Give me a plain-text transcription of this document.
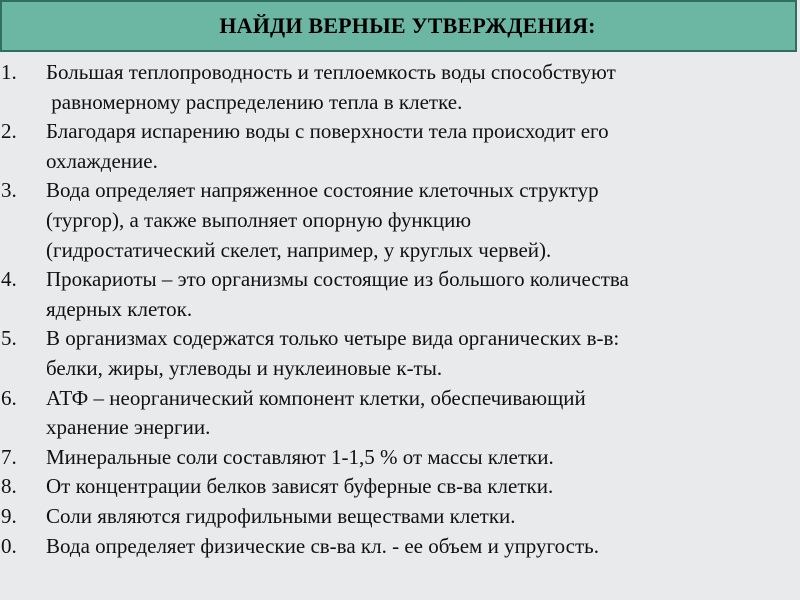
НАЙДИ ВЕРНЫЕ УТВЕРЖДЕНИЯ:
1.	Большая теплопроводность и теплоемкость воды способствуют
равномерному распределению тепла в клетке.
2.	Благодаря испарению воды с поверхности тела происходит его
охлаждение.
3.	Вода определяет напряженное состояние клеточных структур
(тургор), а также выполняет опорную функцию
(гидростатический скелет, например, у круглых червей).
4.	Прокариоты – это организмы состоящие из большого количества
ядерных клеток.
5.	В организмах содержатся только четыре вида органических в-в:
белки, жиры, углеводы и нуклеиновые к-ты.
6.	АТФ – неорганический компонент клетки, обеспечивающий
хранение энергии.
7.	Минеральные соли составляют 1-1,5 % от массы клетки.
8.	От концентрации белков зависят буферные св-ва клетки.
9.	Соли являются гидрофильными веществами клетки.
0.	Вода определяет физические св-ва кл. - ее объем и упругость.
